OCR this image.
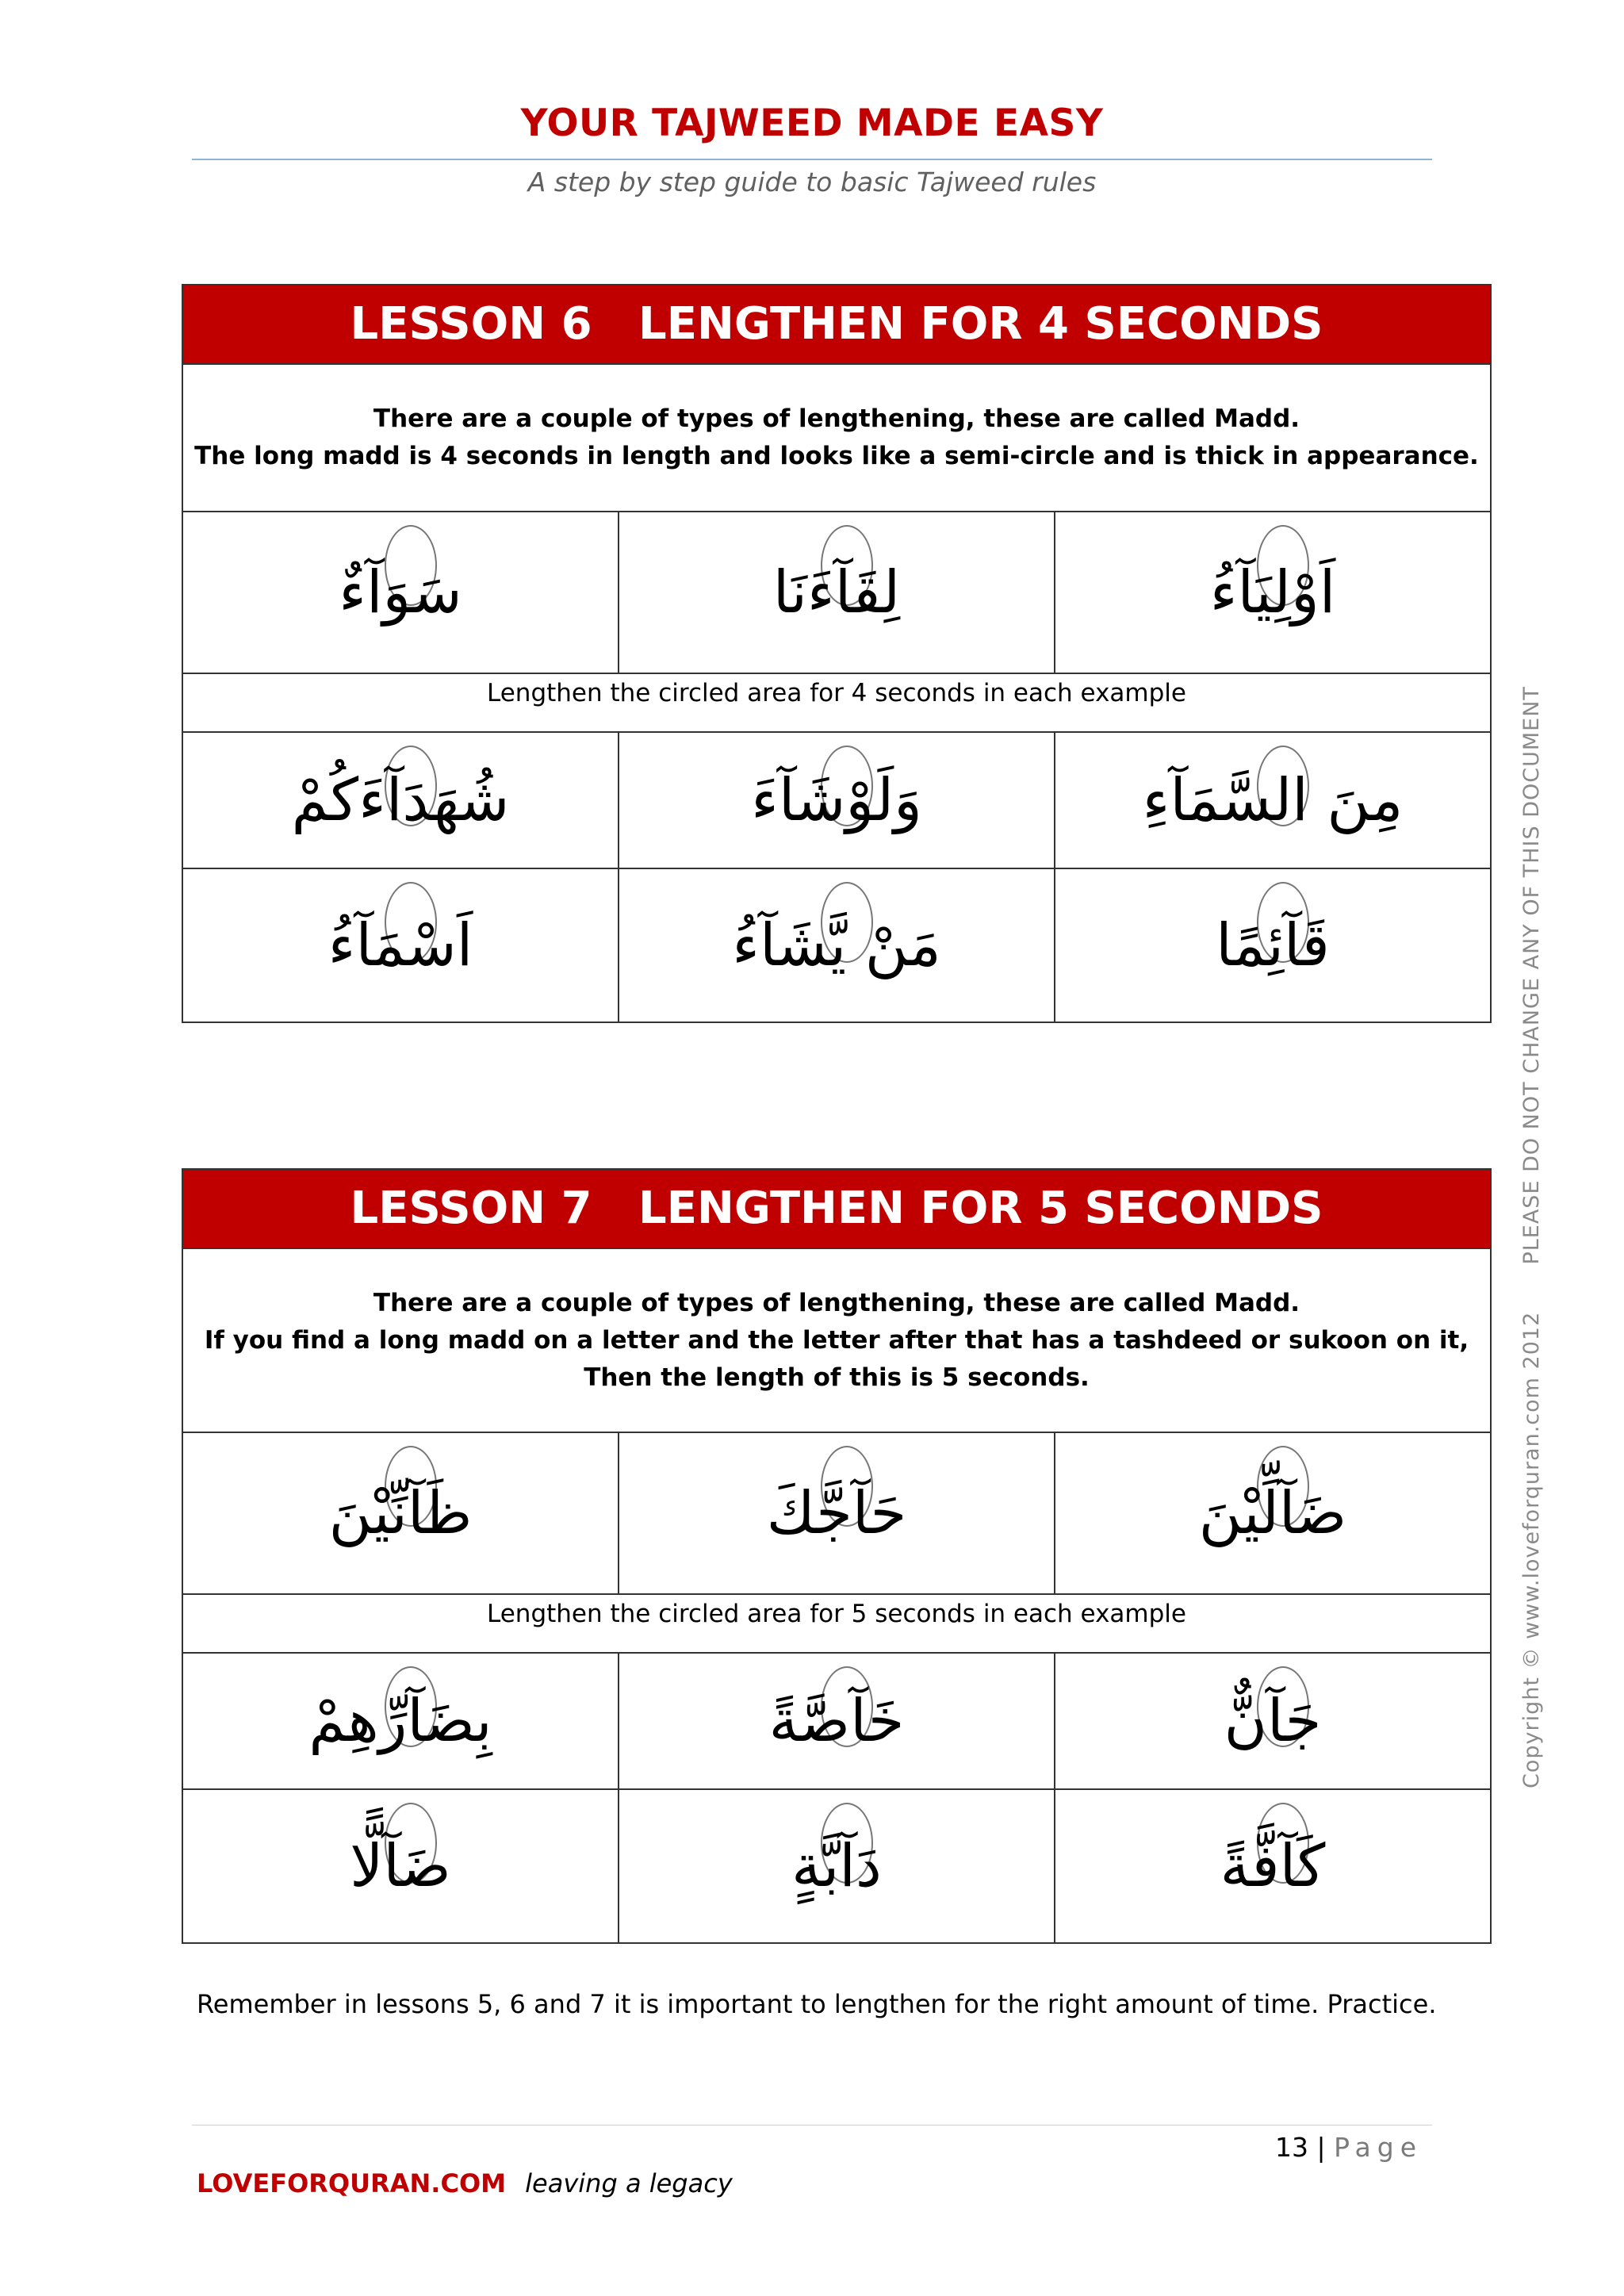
YOUR TAJWEED MADE EASY
A step by step guide to basic Tajweed rules
LESSON 6   LENGTHEN FOR 4 SECONDS
There are a couple of types of lengthening, these are called Madd.
The long madd is 4 seconds in length and looks like a semi-circle and is thick in appearance.
سَوَآءٌ	لِقَآءَنَا	اَوْلِيَآءُ
Lengthen the circled area for 4 seconds in each example
شُهَدَآءَكُمْ	وَلَوْشَآءَ	مِنَ السَّمَآءِ
اَسْمَآءُ	مَنْ يَّشَآءُ	قَآئِمًا
LESSON 7   LENGTHEN FOR 5 SECONDS
There are a couple of types of lengthening, these are called Madd.
If you find a long madd on a letter and the letter after that has a tashdeed or sukoon on it,
Then the length of this is 5 seconds.
ظَآنِّيْنَ	حَآجَّكَ	ضَآلِّيْنَ
Lengthen the circled area for 5 seconds in each example
بِضَآرِّهِمْ	خَآصَّةً	جَآنٌّ
ضَآلًّا	دَآبَّةٍ	كَآفَّةً
Remember in lessons 5, 6 and 7 it is important to lengthen for the right amount of time. Practice.
13 | Page
LOVEFORQURAN.COM leaving a legacy
Copyright © www.loveforquran.com 2012  PLEASE DO NOT CHANGE ANY OF THIS DOCUMENT
